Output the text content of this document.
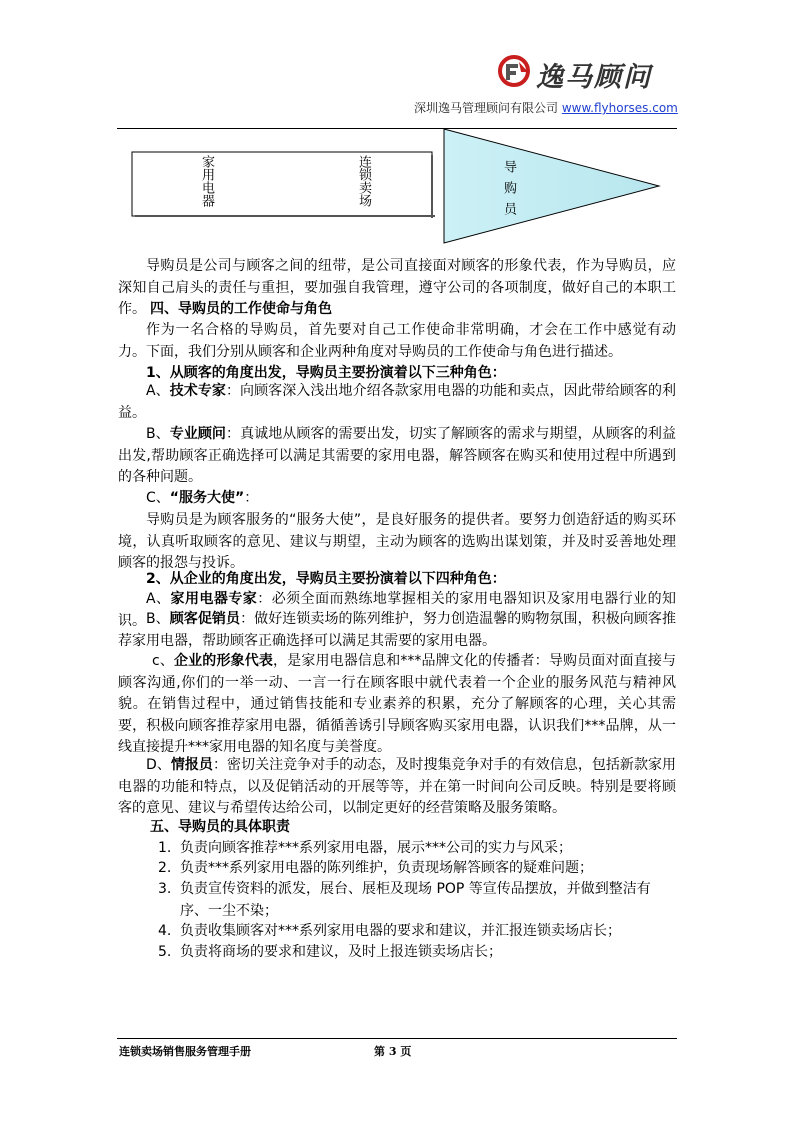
逸马顾问
深圳逸马管理顾问有限公司 www.flyhorses.com
家用电器	连锁卖场	导购员
导购员是公司与顾客之间的纽带，是公司直接面对顾客的形象代表，作为导购员，应深知自己肩头的责任与重担，要加强自我管理，遵守公司的各项制度，做好自己的本职工作。 四、导购员的工作使命与角色
作为一名合格的导购员，首先要对自己工作使命非常明确，才会在工作中感觉有动力。下面，我们分别从顾客和企业两种角度对导购员的工作使命与角色进行描述。
1、从顾客的角度出发，导购员主要扮演着以下三种角色：
A、技术专家：向顾客深入浅出地介绍各款家用电器的功能和卖点，因此带给顾客的利益。
B、专业顾问：真诚地从顾客的需要出发，切实了解顾客的需求与期望，从顾客的利益出发,帮助顾客正确选择可以满足其需要的家用电器，解答顾客在购买和使用过程中所遇到的各种问题。
C、“服务大使”：
导购员是为顾客服务的“服务大使”，是良好服务的提供者。要努力创造舒适的购买环境，认真听取顾客的意见、建议与期望，主动为顾客的选购出谋划策，并及时妥善地处理顾客的报怨与投诉。
2、从企业的角度出发，导购员主要扮演着以下四种角色：
A、家用电器专家：必须全面而熟练地掌握相关的家用电器知识及家用电器行业的知识。 B、顾客促销员：做好连锁卖场的陈列维护，努力创造温馨的购物氛围，积极向顾客推荐家用电器，帮助顾客正确选择可以满足其需要的家用电器。
c、企业的形象代表，是家用电器信息和***品牌文化的传播者：导购员面对面直接与顾客沟通,你们的一举一动、一言一行在顾客眼中就代表着一个企业的服务风范与精神风貌。在销售过程中，通过销售技能和专业素养的积累，充分了解顾客的心理，关心其需要，积极向顾客推荐家用电器，循循善诱引导顾客购买家用电器，认识我们***品牌，从一线直接提升***家用电器的知名度与美誉度。
D、情报员：密切关注竞争对手的动态，及时搜集竞争对手的有效信息，包括新款家用电器的功能和特点，以及促销活动的开展等等，并在第一时间向公司反映。特别是要将顾客的意见、建议与希望传达给公司，以制定更好的经营策略及服务策略。
五、导购员的具体职责
1. 负责向顾客推荐***系列家用电器，展示***公司的实力与风采；
2. 负责***系列家用电器的陈列维护，负责现场解答顾客的疑难问题；
3. 负责宣传资料的派发，展台、展柜及现场 POP 等宣传品摆放，并做到整洁有序、一尘不染；
4. 负责收集顾客对***系列家用电器的要求和建议，并汇报连锁卖场店长；
5. 负责将商场的要求和建议，及时上报连锁卖场店长；
连锁卖场销售服务管理手册	第 3 页
